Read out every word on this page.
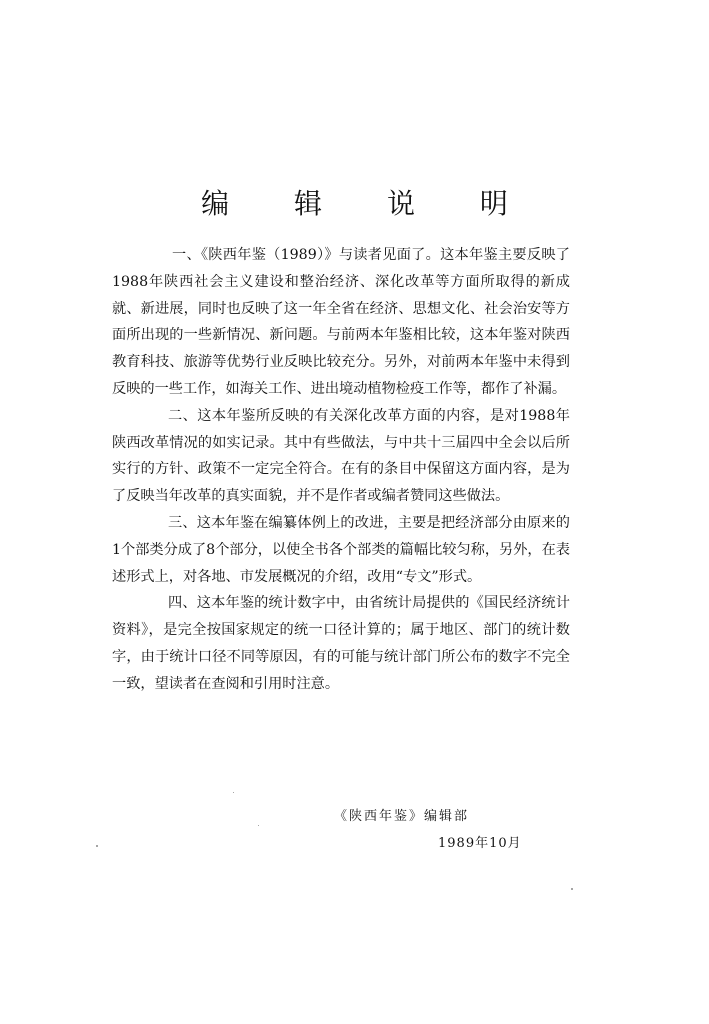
编 辑 说 明

一、《陕西年鉴（1989）》与读者见面了。这本年鉴主要反映了1988年陕西社会主义建设和整治经济、深化改革等方面所取得的新成就、新进展，同时也反映了这一年全省在经济、思想文化、社会治安等方面所出现的一些新情况、新问题。与前两本年鉴相比较，这本年鉴对陕西教育科技、旅游等优势行业反映比较充分。另外，对前两本年鉴中未得到反映的一些工作，如海关工作、进出境动植物检疫工作等，都作了补漏。

二、这本年鉴所反映的有关深化改革方面的内容，是对1988年陕西改革情况的如实记录。其中有些做法，与中共十三届四中全会以后所实行的方针、政策不一定完全符合。在有的条目中保留这方面内容，是为了反映当年改革的真实面貌，并不是作者或编者赞同这些做法。

三、这本年鉴在编纂体例上的改进，主要是把经济部分由原来的1个部类分成了8个部分，以使全书各个部类的篇幅比较匀称，另外，在表述形式上，对各地、市发展概况的介绍，改用“专文”形式。

四、这本年鉴的统计数字中，由省统计局提供的《国民经济统计资料》，是完全按国家规定的统一口径计算的；属于地区、部门的统计数字，由于统计口径不同等原因，有的可能与统计部门所公布的数字不完全一致，望读者在查阅和引用时注意。

《陕西年鉴》编辑部
1989年10月
